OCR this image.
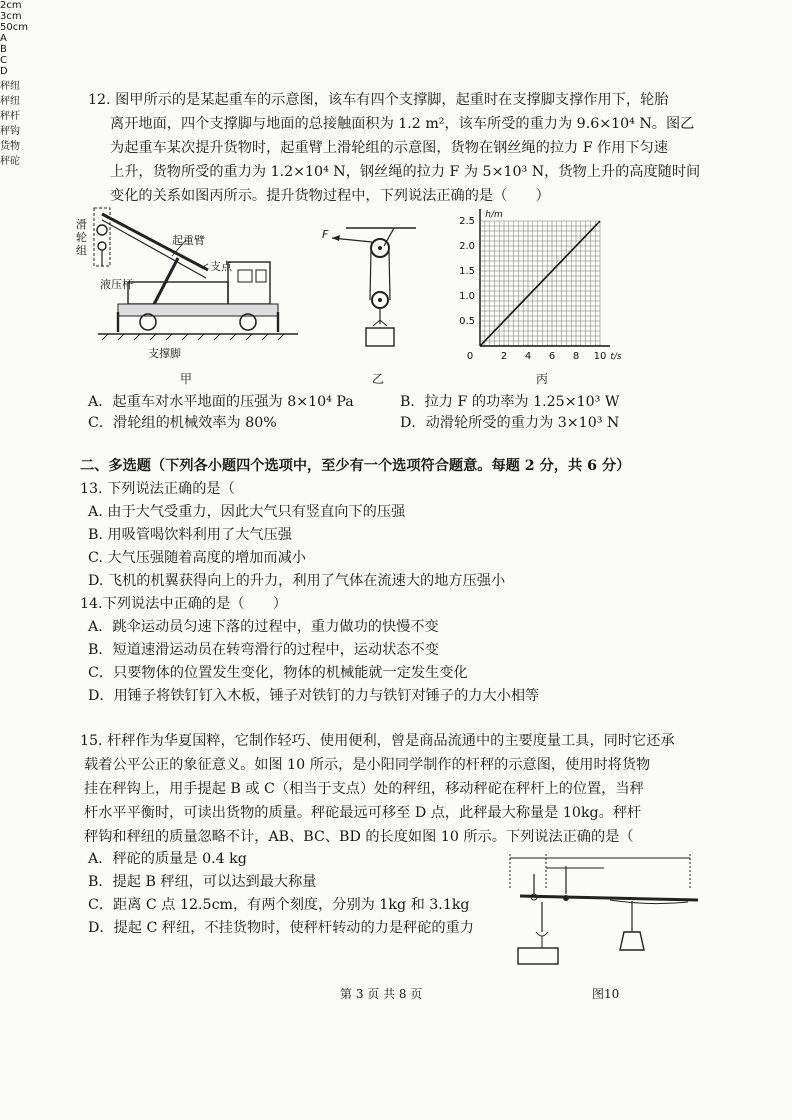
12. 图甲所示的是某起重车的示意图，该车有四个支撑脚，起重时在支撑脚支撑作用下，轮胎
离开地面，四个支撑脚与地面的总接触面积为 1.2 m²，该车所受的重力为 9.6×10⁴ N。图乙
为起重车某次提升货物时，起重臂上滑轮组的示意图，货物在钢丝绳的拉力 F 作用下匀速
上升，货物所受的重力为 1.2×10⁴ N，钢丝绳的拉力 F 为 5×10³ N，货物上升的高度随时间
变化的关系如图丙所示。提升货物过程中，下列说法正确的是（　　）
滑轮组
起重臂
支点
液压杆
支撑脚
甲
F
乙
0	2 4 6 8 10
0.5
1.0
1.5
2.0
2.5
t/s
h/m
丙
A．起重车对水平地面的压强为 8×10⁴ Pa	B．拉力 F 的功率为 1.25×10³ W
C．滑轮组的机械效率为 80%	D．动滑轮所受的重力为 3×10³ N
二、多选题（下列各小题四个选项中，至少有一个选项符合题意。每题 2 分，共 6 分）
13. 下列说法正确的是（
A. 由于大气受重力，因此大气只有竖直向下的压强
B. 用吸管喝饮料利用了大气压强
C. 大气压强随着高度的增加而减小
D. 飞机的机翼获得向上的升力，利用了气体在流速大的地方压强小
14.下列说法中正确的是（　　）
A．跳伞运动员匀速下落的过程中，重力做功的快慢不变
B．短道速滑运动员在转弯滑行的过程中，运动状态不变
C．只要物体的位置发生变化，物体的机械能就一定发生变化
D．用锤子将铁钉钉入木板，锤子对铁钉的力与铁钉对锤子的力大小相等
15. 杆秤作为华夏国粹，它制作轻巧、使用便利，曾是商品流通中的主要度量工具，同时它还承
载着公平公正的象征意义。如图 10 所示，是小阳同学制作的杆秤的示意图，使用时将货物
挂在秤钩上，用手提起 B 或 C（相当于支点）处的秤纽，移动秤砣在秤杆上的位置，当秤
杆水平平衡时，可读出货物的质量。秤砣最远可移至 D 点，此秤最大称量是 10kg。秤杆
秤钩和秤纽的质量忽略不计，AB、BC、BD 的长度如图 10 所示。下列说法正确的是（
A．秤砣的质量是 0.4 kg
B．提起 B 秤纽，可以达到最大称量
C．距离 C 点 12.5cm，有两个刻度，分别为 1kg 和 3.1kg
D．提起 C 秤纽，不挂货物时，使秤杆转动的力是秤砣的重力
2cm
3cm
50cm
A
B
C
D
秤纽
秤纽
秤杆
秤钩
货物
秤砣
第 3 页 共 8 页	图10
